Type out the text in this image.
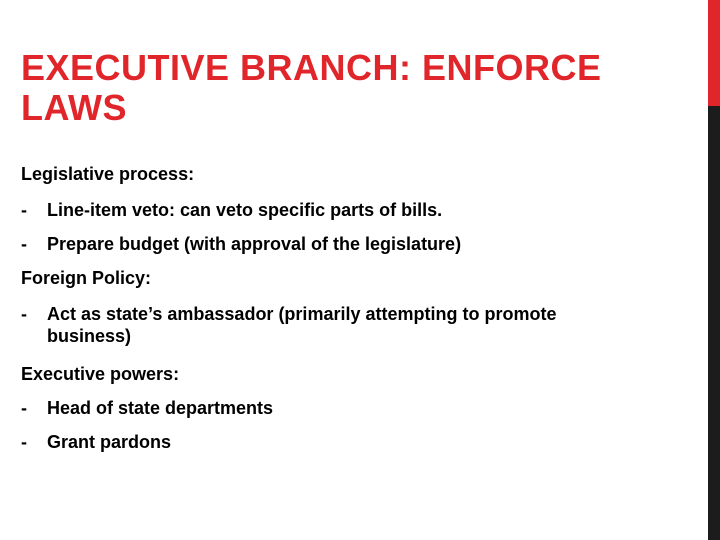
EXECUTIVE BRANCH: ENFORCE LAWS
Legislative process:
- Line-item veto: can veto specific parts of bills.
- Prepare budget (with approval of the legislature)
Foreign Policy:
- Act as state’s ambassador (primarily attempting to promote business)
Executive powers:
- Head of state departments
- Grant pardons
